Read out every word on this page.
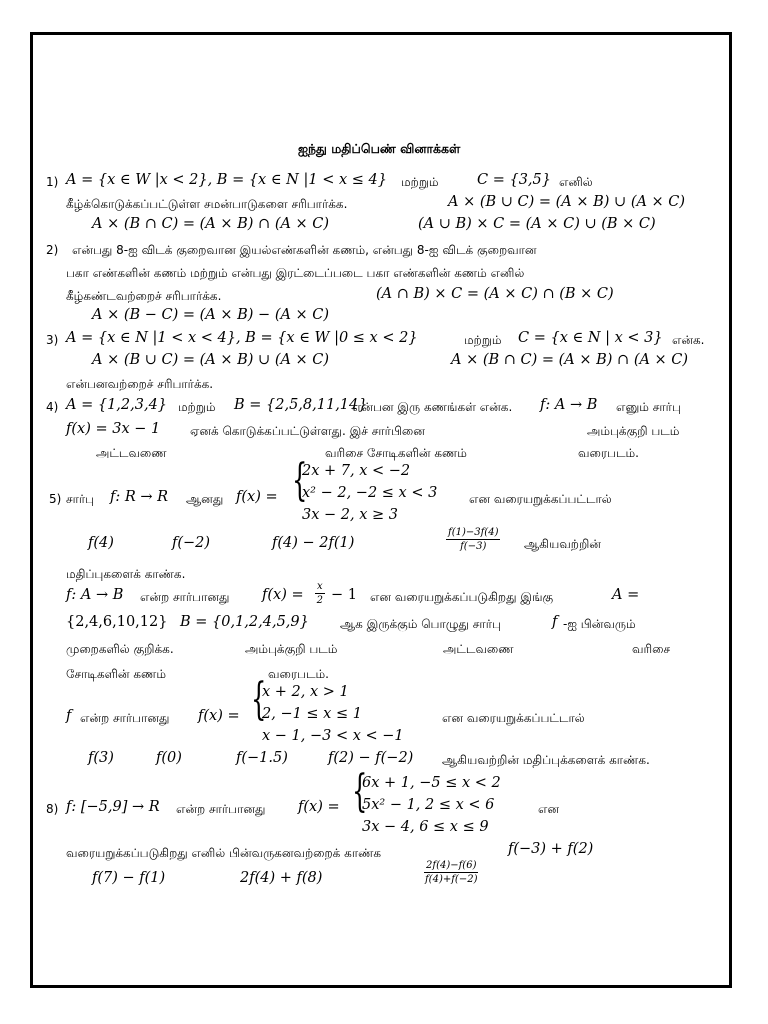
ஐந்து மதிப்பெண் வினாக்கள்
1) A = {x ∈ W |x < 2}, B = {x ∈ N |1 < x ≤ 4} மற்றும்	C = {3,5} எனில்
கீழ்க்கொடுக்கப்பட்டுள்ள சமன்பாடுகளை சரிபார்க்க.	A × (B ∪ C) = (A × B) ∪ (A × C)
A × (B ∩ C) = (A × B) ∩ (A × C)	(A ∪ B) × C = (A × C) ∪ (B × C)
2) என்பது 8-ஐ விடக் குறைவான இயல்எண்களின் கணம், என்பது 8-ஐ விடக் குறைவான
பகா எண்களின் கணம் மற்றும் என்பது இரட்டைப்படை பகா எண்களின் கணம் எனில்
கீழ்கண்டவற்றைச் சரிபார்க்க.	(A ∩ B) × C = (A × C) ∩ (B × C)
A × (B − C) = (A × B) − (A × C)
3) A = {x ∈ N |1 < x < 4}, B = {x ∈ W |0 ≤ x < 2}	மற்றும் C = {x ∈ N | x < 3} என்க.
A × (B ∪ C) = (A × B) ∪ (A × C)	A × (B ∩ C) = (A × B) ∩ (A × C)
என்பனவற்றைச் சரிபார்க்க.
4) A = {1,2,3,4} மற்றும் B = {2,5,8,11,14}
என்பன இரு கணங்கள் என்க. f: A → B எனும் சார்பு
f(x) = 3x − 1 ஏனக் கொடுக்கப்பட்டுள்ளது. இச் சார்பினை	அம்புக்குறி படம்
அட்டவணை	வரிசை சோடிகளின் கணம்	வரைபடம்.
5) சார்பு f: R → R ஆனது f(x) = {
2x + 7, x < −2
x² − 2, −2 ≤ x < 3
3x − 2, x ≥ 3
என வரையறுக்கப்பட்டால்
f(4)	f(−2)	f(4) − 2f(1)	$\frac{f(1)-3f(4)}{f(-3)}$ ஆகியவற்றின்
மதிப்புகளைக் காண்க.
f: A → B என்ற சார்பானது $f(x) = \frac{x}{2} - 1$ என வரையறுக்கப்படுகிறது இங்கு	A =
{2,4,6,10,12} B = {0,1,2,4,5,9}	ஆக இருக்கும் பொழுது சார்பு	f -ஐ பின்வரும்
முறைகளில் குறிக்க.	அம்புக்குறி படம்	அட்டவணை	வரிசை
சோடிகளின் கணம்	வரைபடம்.
f என்ற சார்பானது f(x) = {
x + 2, x > 1
2, −1 ≤ x ≤ 1
x − 1, −3 < x < −1
என வரையறுக்கப்பட்டால்
f(3)	f(0)	f(−1.5)	f(2) − f(−2) ஆகியவற்றின் மதிப்புக்களைக் காண்க.
8) f: [−5,9] → R என்ற சார்பானது f(x) = {
6x + 1, −5 ≤ x < 2
5x² − 1, 2 ≤ x < 6
3x − 4, 6 ≤ x ≤ 9
என
வரையறுக்கப்படுகிறது எனில் பின்வருகனவற்றைக் காண்க	f(−3) + f(2)
f(7) − f(1)	2f(4) + f(8)	$\frac{2f(4)-f(6)}{f(4)+f(-2)}$
